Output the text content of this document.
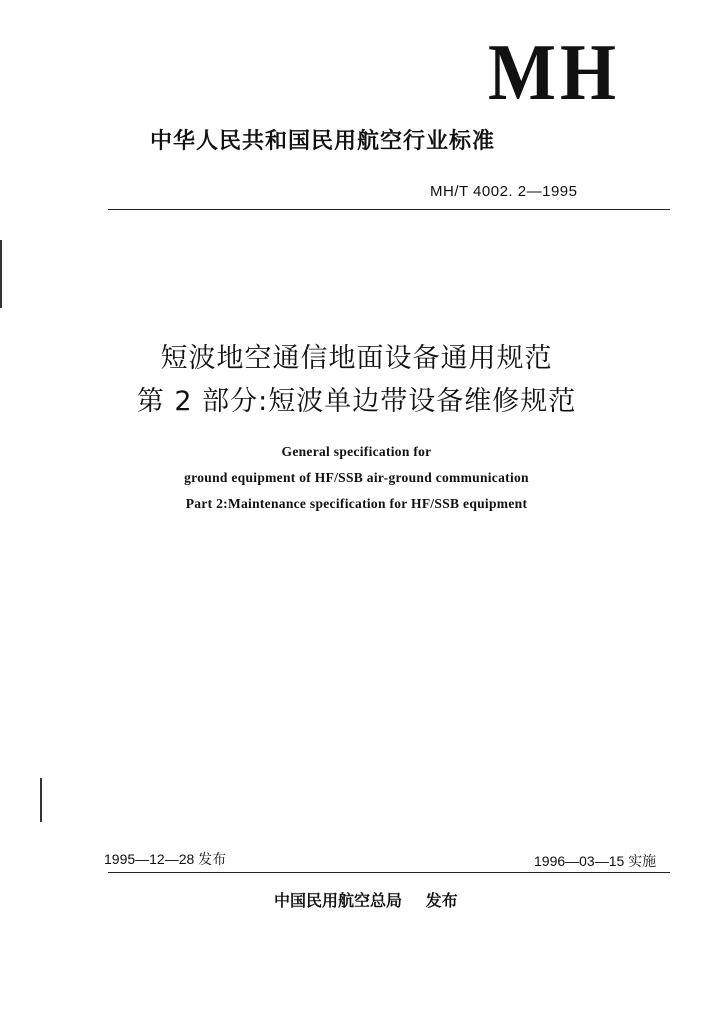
MH
中华人民共和国民用航空行业标准
MH/T 4002. 2—1995
短波地空通信地面设备通用规范
第 2 部分:短波单边带设备维修规范
General specification for
ground equipment of HF/SSB air-ground communication
Part 2:Maintenance specification for HF/SSB equipment
1995—12—28 发布	1996—03—15 实施
中国民用航空总局 发布
